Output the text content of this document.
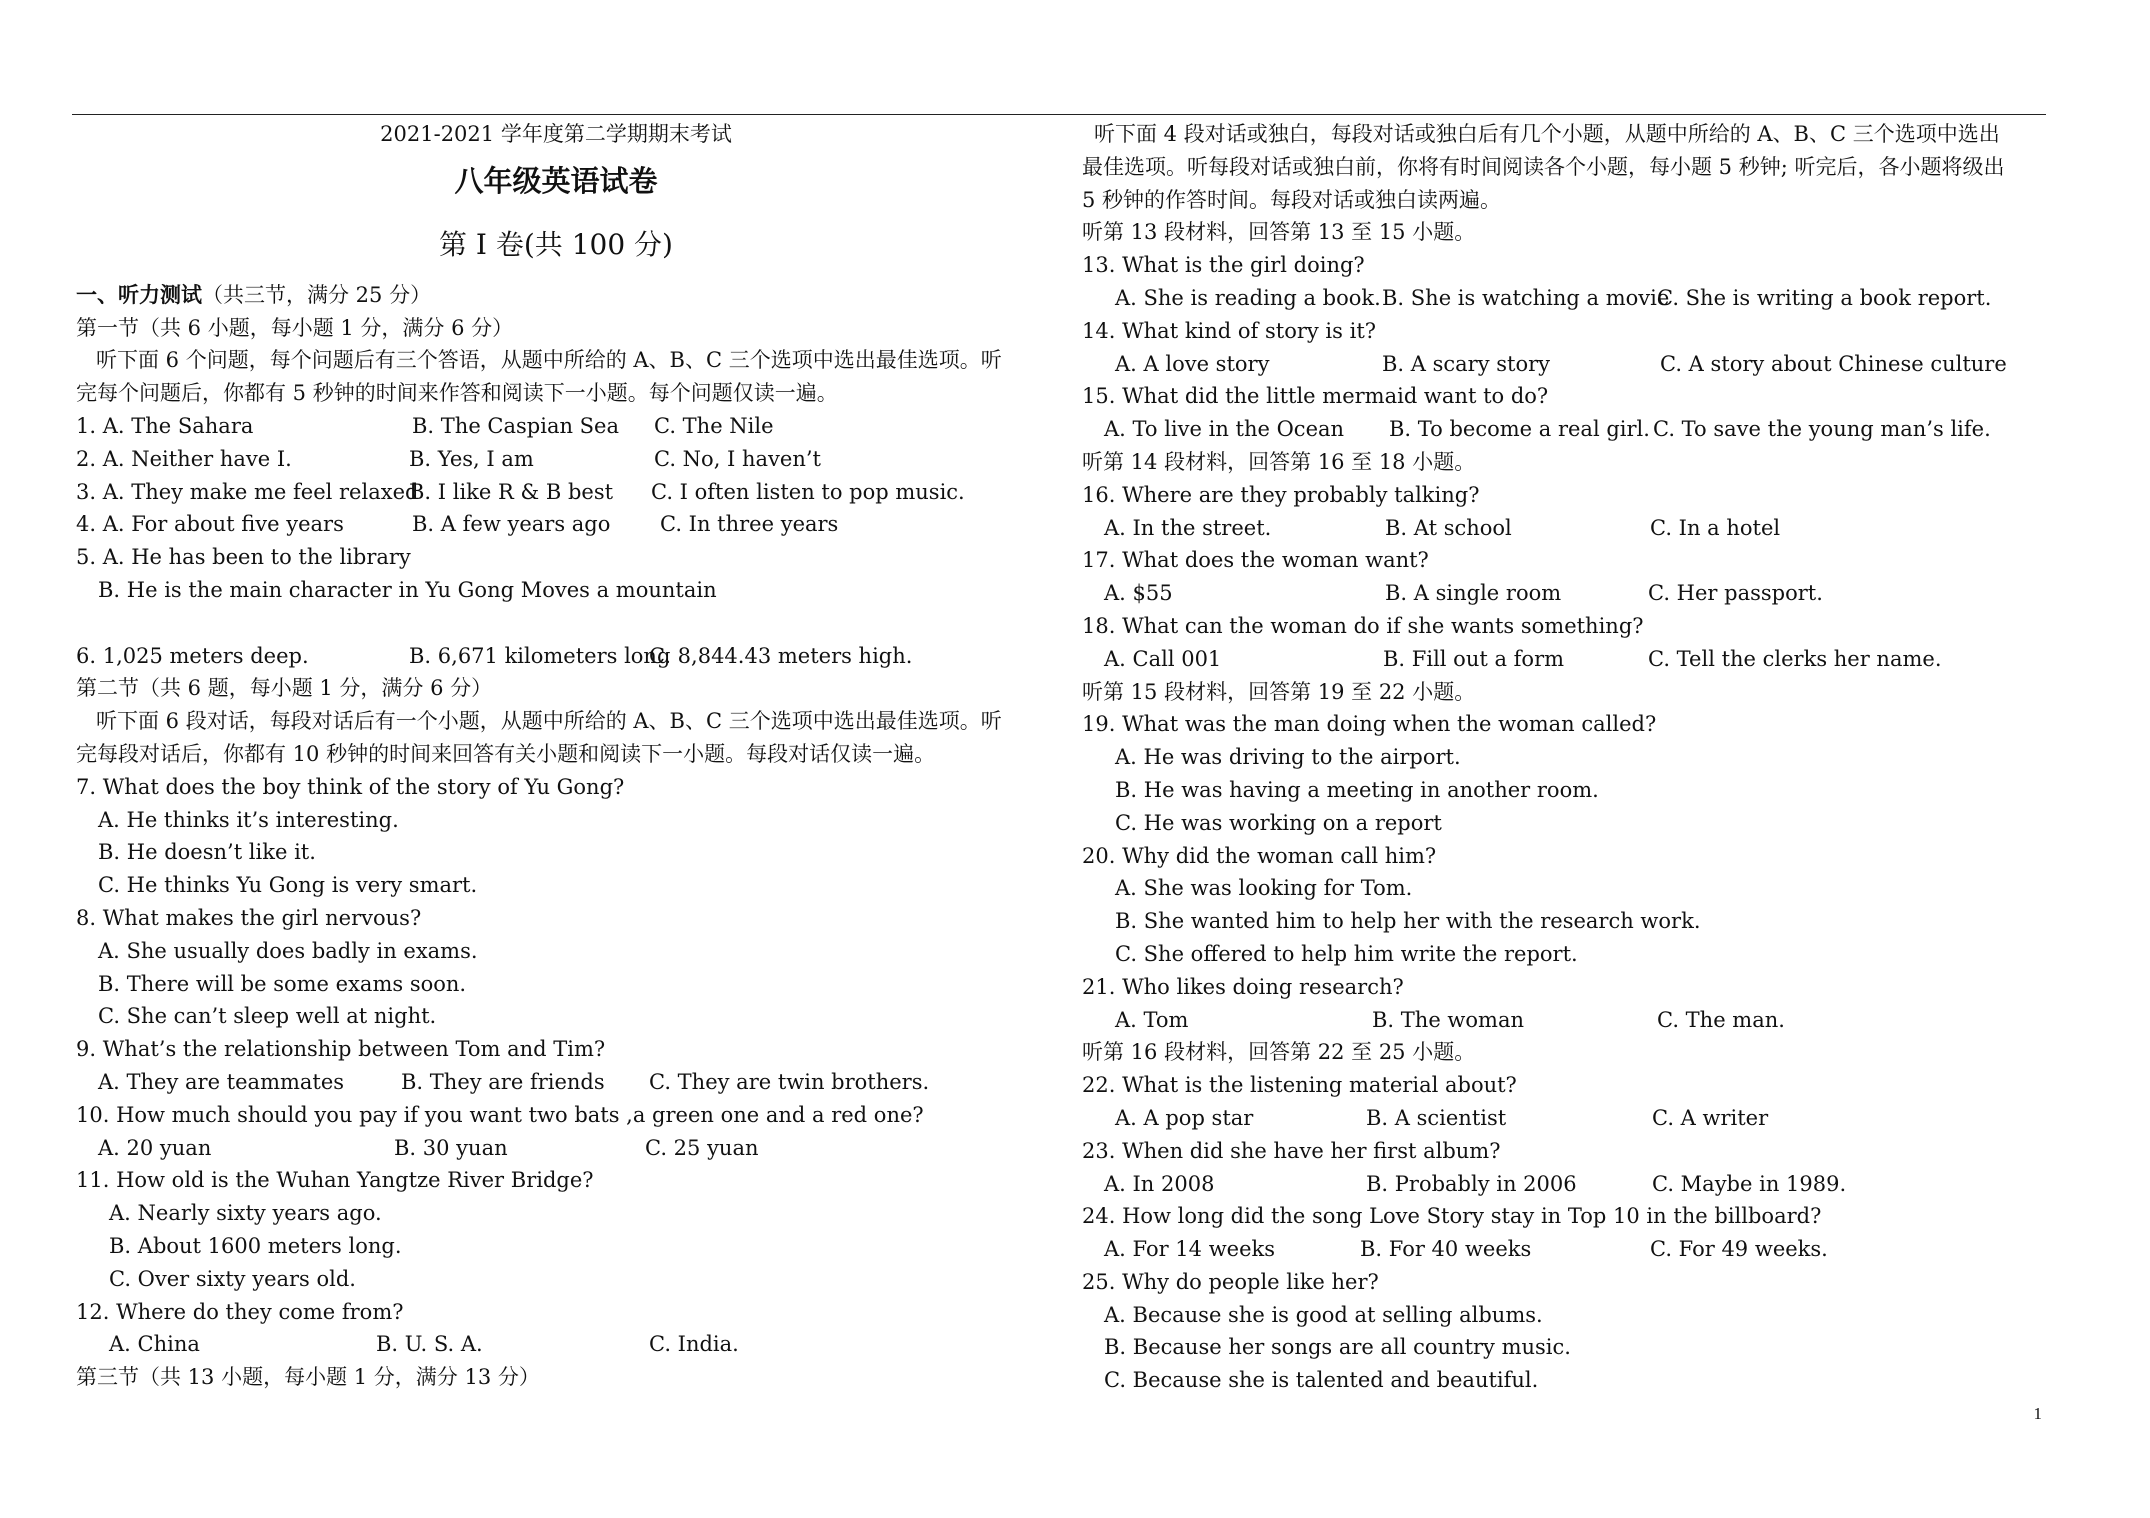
2021-2021 学年度第二学期期末考试
八年级英语试卷
第 I 卷(共 100 分)
一、听力测试（共三节，满分 25 分）
第一节（共 6 小题，每小题 1 分，满分 6 分）
听下面 6 个问题，每个问题后有三个答语，从题中所给的 A、B、C 三个选项中选出最佳选项。听
完每个问题后，你都有 5 秒钟的时间来作答和阅读下一小题。每个问题仅读一遍。
1. A. The Sahara	B. The Caspian Sea C. The Nile
2. A. Neither have I.	B. Yes, I am	C. No, I haven’t
3. A. They make me feel relaxed
B. I like R & B best C. I often listen to pop music.
4. A. For about five years	B. A few years ago C. In three years
5. A. He has been to the library
B. He is the main character in Yu Gong Moves a mountain
6. 1,025 meters deep.	B. 6,671 kilometers long
C. 8,844.43 meters high.
第二节（共 6 题，每小题 1 分，满分 6 分）
听下面 6 段对话，每段对话后有一个小题，从题中所给的 A、B、C 三个选项中选出最佳选项。听
完每段对话后，你都有 10 秒钟的时间来回答有关小题和阅读下一小题。每段对话仅读一遍。
7. What does the boy think of the story of Yu Gong?
A. He thinks it’s interesting.
B. He doesn’t like it.
C. He thinks Yu Gong is very smart.
8. What makes the girl nervous?
A. She usually does badly in exams.
B. There will be some exams soon.
C. She can’t sleep well at night.
9. What’s the relationship between Tom and Tim?
A. They are teammates	B. They are friends C. They are twin brothers.
10. How much should you pay if you want two bats ,a green one and a red one?
A. 20 yuan	B. 30 yuan	C. 25 yuan
11. How old is the Wuhan Yangtze River Bridge?
A. Nearly sixty years ago.
B. About 1600 meters long.
C. Over sixty years old.
12. Where do they come from?
A. China	B. U. S. A.	C. India.
第三节（共 13 小题，每小题 1 分，满分 13 分）
听下面 4 段对话或独白，每段对话或独白后有几个小题，从题中所给的 A、B、C 三个选项中选出
最佳选项。听每段对话或独白前，你将有时间阅读各个小题，每小题 5 秒钟; 听完后，各小题将级出
5 秒钟的作答时间。每段对话或独白读两遍。
听第 13 段材料，回答第 13 至 15 小题。
13. What is the girl doing?
A. She is reading a book. B. She is watching a movie
C. She is writing a book report.
14. What kind of story is it?
A. A love story	B. A scary story	C. A story about Chinese culture
15. What did the little mermaid want to do?
A. To live in the Ocean B. To become a real girl. C. To save the young man’s life.
听第 14 段材料，回答第 16 至 18 小题。
16. Where are they probably talking?
A. In the street.	B. At school	C. In a hotel
17. What does the woman want?
A. $55	B. A single room	C. Her passport.
18. What can the woman do if she wants something?
A. Call 001	B. Fill out a form	C. Tell the clerks her name.
听第 15 段材料，回答第 19 至 22 小题。
19. What was the man doing when the woman called?
A. He was driving to the airport.
B. He was having a meeting in another room.
C. He was working on a report
20. Why did the woman call him?
A. She was looking for Tom.
B. She wanted him to help her with the research work.
C. She offered to help him write the report.
21. Who likes doing research?
A. Tom	B. The woman	C. The man.
听第 16 段材料，回答第 22 至 25 小题。
22. What is the listening material about?
A. A pop star	B. A scientist	C. A writer
23. When did she have her first album?
A. In 2008	B. Probably in 2006	C. Maybe in 1989.
24. How long did the song Love Story stay in Top 10 in the billboard?
A. For 14 weeks	B. For 40 weeks	C. For 49 weeks.
25. Why do people like her?
A. Because she is good at selling albums.
B. Because her songs are all country music.
C. Because she is talented and beautiful.
1
